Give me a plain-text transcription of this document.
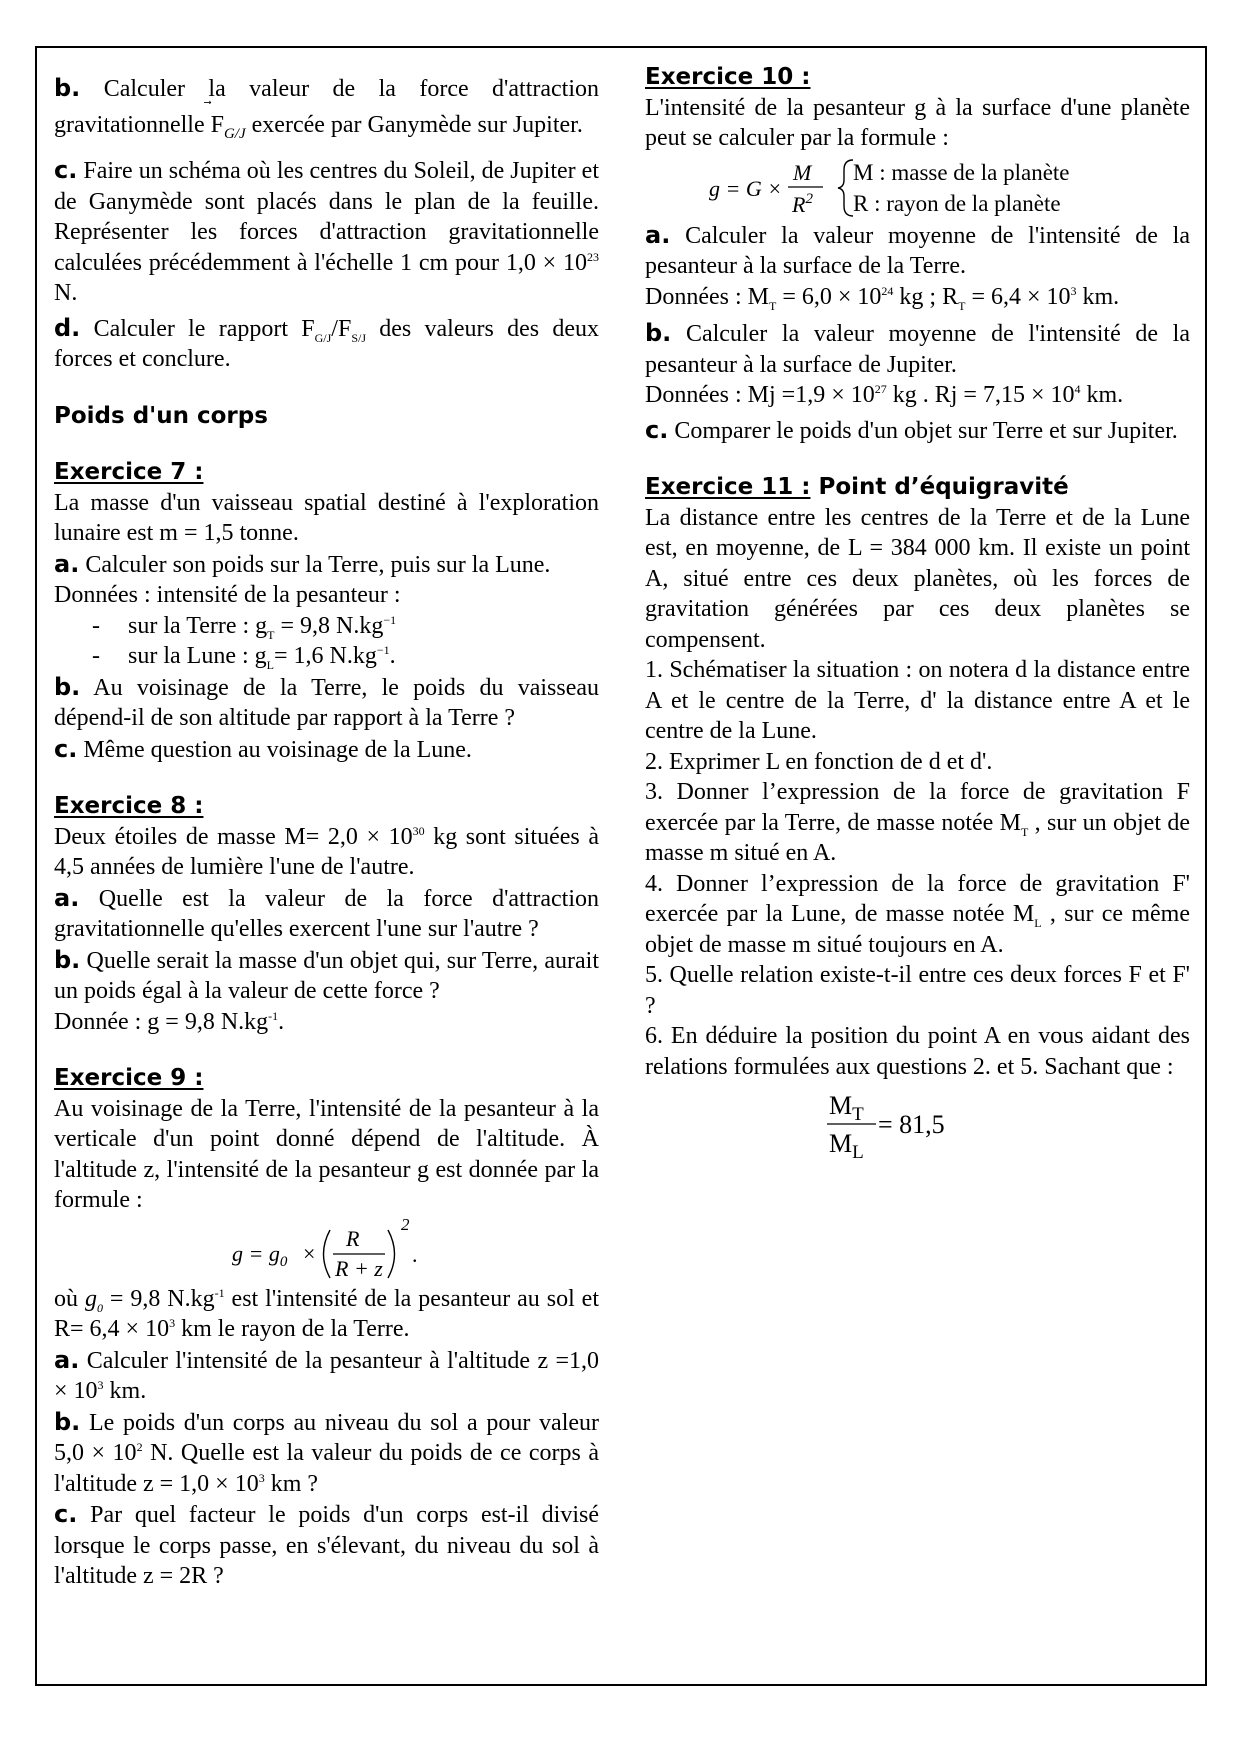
b. Calculer la valeur de la force d'attraction gravitationnelle $F_{G/J}$ exercée par Ganymède sur Jupiter.

c. Faire un schéma où les centres du Soleil, de Jupiter et de Ganymède sont placés dans le plan de la feuille. Représenter les forces d'attraction gravitationnelle calculées précédemment à l'échelle 1 cm pour $1,0 \times 10^{23}$ N.

d. Calculer le rapport $F_{G/J}/F_{S/J}$ des valeurs des deux forces et conclure.

Poids d'un corps

Exercice 7 :

La masse d'un vaisseau spatial destiné à l'exploration lunaire est m = 1,5 tonne.

a. Calculer son poids sur la Terre, puis sur la Lune.

Données : intensité de la pesanteur :

- sur la Terre : $g_T = 9,8$ $N.kg^{-1}$

- sur la Lune : $g_L= 1,6$ $N.kg^{-1}$.

b. Au voisinage de la Terre, le poids du vaisseau dépend-il de son altitude par rapport à la Terre ?

c. Même question au voisinage de la Lune.

Exercice 8 :

Deux étoiles de masse $M= 2,0 \times 10^{30}$ kg sont situées à 4,5 années de lumière l'une de l'autre.

a. Quelle est la valeur de la force d'attraction gravitationnelle qu'elles exercent l'une sur l'autre ?

b. Quelle serait la masse d'un objet qui, sur Terre, aurait un poids égal à la valeur de cette force ?

Donnée : g = 9,8 $N.kg^{-1}$.

Exercice 9 :

Au voisinage de la Terre, l'intensité de la pesanteur à la verticale d'un point donné dépend de l'altitude. À l'altitude z, l'intensité de la pesanteur g est donnée par la formule :

$g = g_0$ ×
R
R + z
2
.

où $g_0 = 9,8$ $N.kg^{-1}$ est l'intensité de la pesanteur au sol et $R= 6,4 \times 10^3$ km le rayon de la Terre.

a. Calculer l'intensité de la pesanteur à l'altitude $z =1,0 \times 10^3$ km.

b. Le poids d'un corps au niveau du sol a pour valeur $5,0 \times 10^2$ N. Quelle est la valeur du poids de ce corps à l'altitude $z = 1,0 \times 10^3$ km ?

c. Par quel facteur le poids d'un corps est-il divisé lorsque le corps passe, en s'élevant, du niveau du sol à l'altitude z = 2R ?

Exercice 10 :

L'intensité de la pesanteur g à la surface d'une planète peut se calculer par la formule :

g = G ×
M
$R^2$
M : masse de la planète
R : rayon de la planète

a. Calculer la valeur moyenne de l'intensité de la pesanteur à la surface de la Terre.

Données : $M_T = 6,0 \times 10^{24}$ kg ; $R_T = 6,4 \times 10^3$ km.

b. Calculer la valeur moyenne de l'intensité de la pesanteur à la surface de Jupiter.

Données : $Mj =1,9 \times 10^{27}$ kg . $Rj = 7,15 \times 10^4$ km.

c. Comparer le poids d'un objet sur Terre et sur Jupiter.

Exercice 11 : Point d’équigravité

La distance entre les centres de la Terre et de la Lune est, en moyenne, de L = 384 000 km. Il existe un point A, situé entre ces deux planètes, où les forces de gravitation générées par ces deux planètes se compensent.

1. Schématiser la situation : on notera d la distance entre A et le centre de la Terre, d' la distance entre A et le centre de la Lune.

2. Exprimer L en fonction de d et d'.

3. Donner l’expression de la force de gravitation F exercée par la Terre, de masse notée $M_T$ , sur un objet de masse m situé en A.

4. Donner l’expression de la force de gravitation F' exercée par la Lune, de masse notée $M_L$ , sur ce même objet de masse m situé toujours en A.

5. Quelle relation existe-t-il entre ces deux forces F et F' ?

6. En déduire la position du point A en vous aidant des relations formulées aux questions 2. et 5. Sachant que :

$M_T$
$M_L$
= 81,5
